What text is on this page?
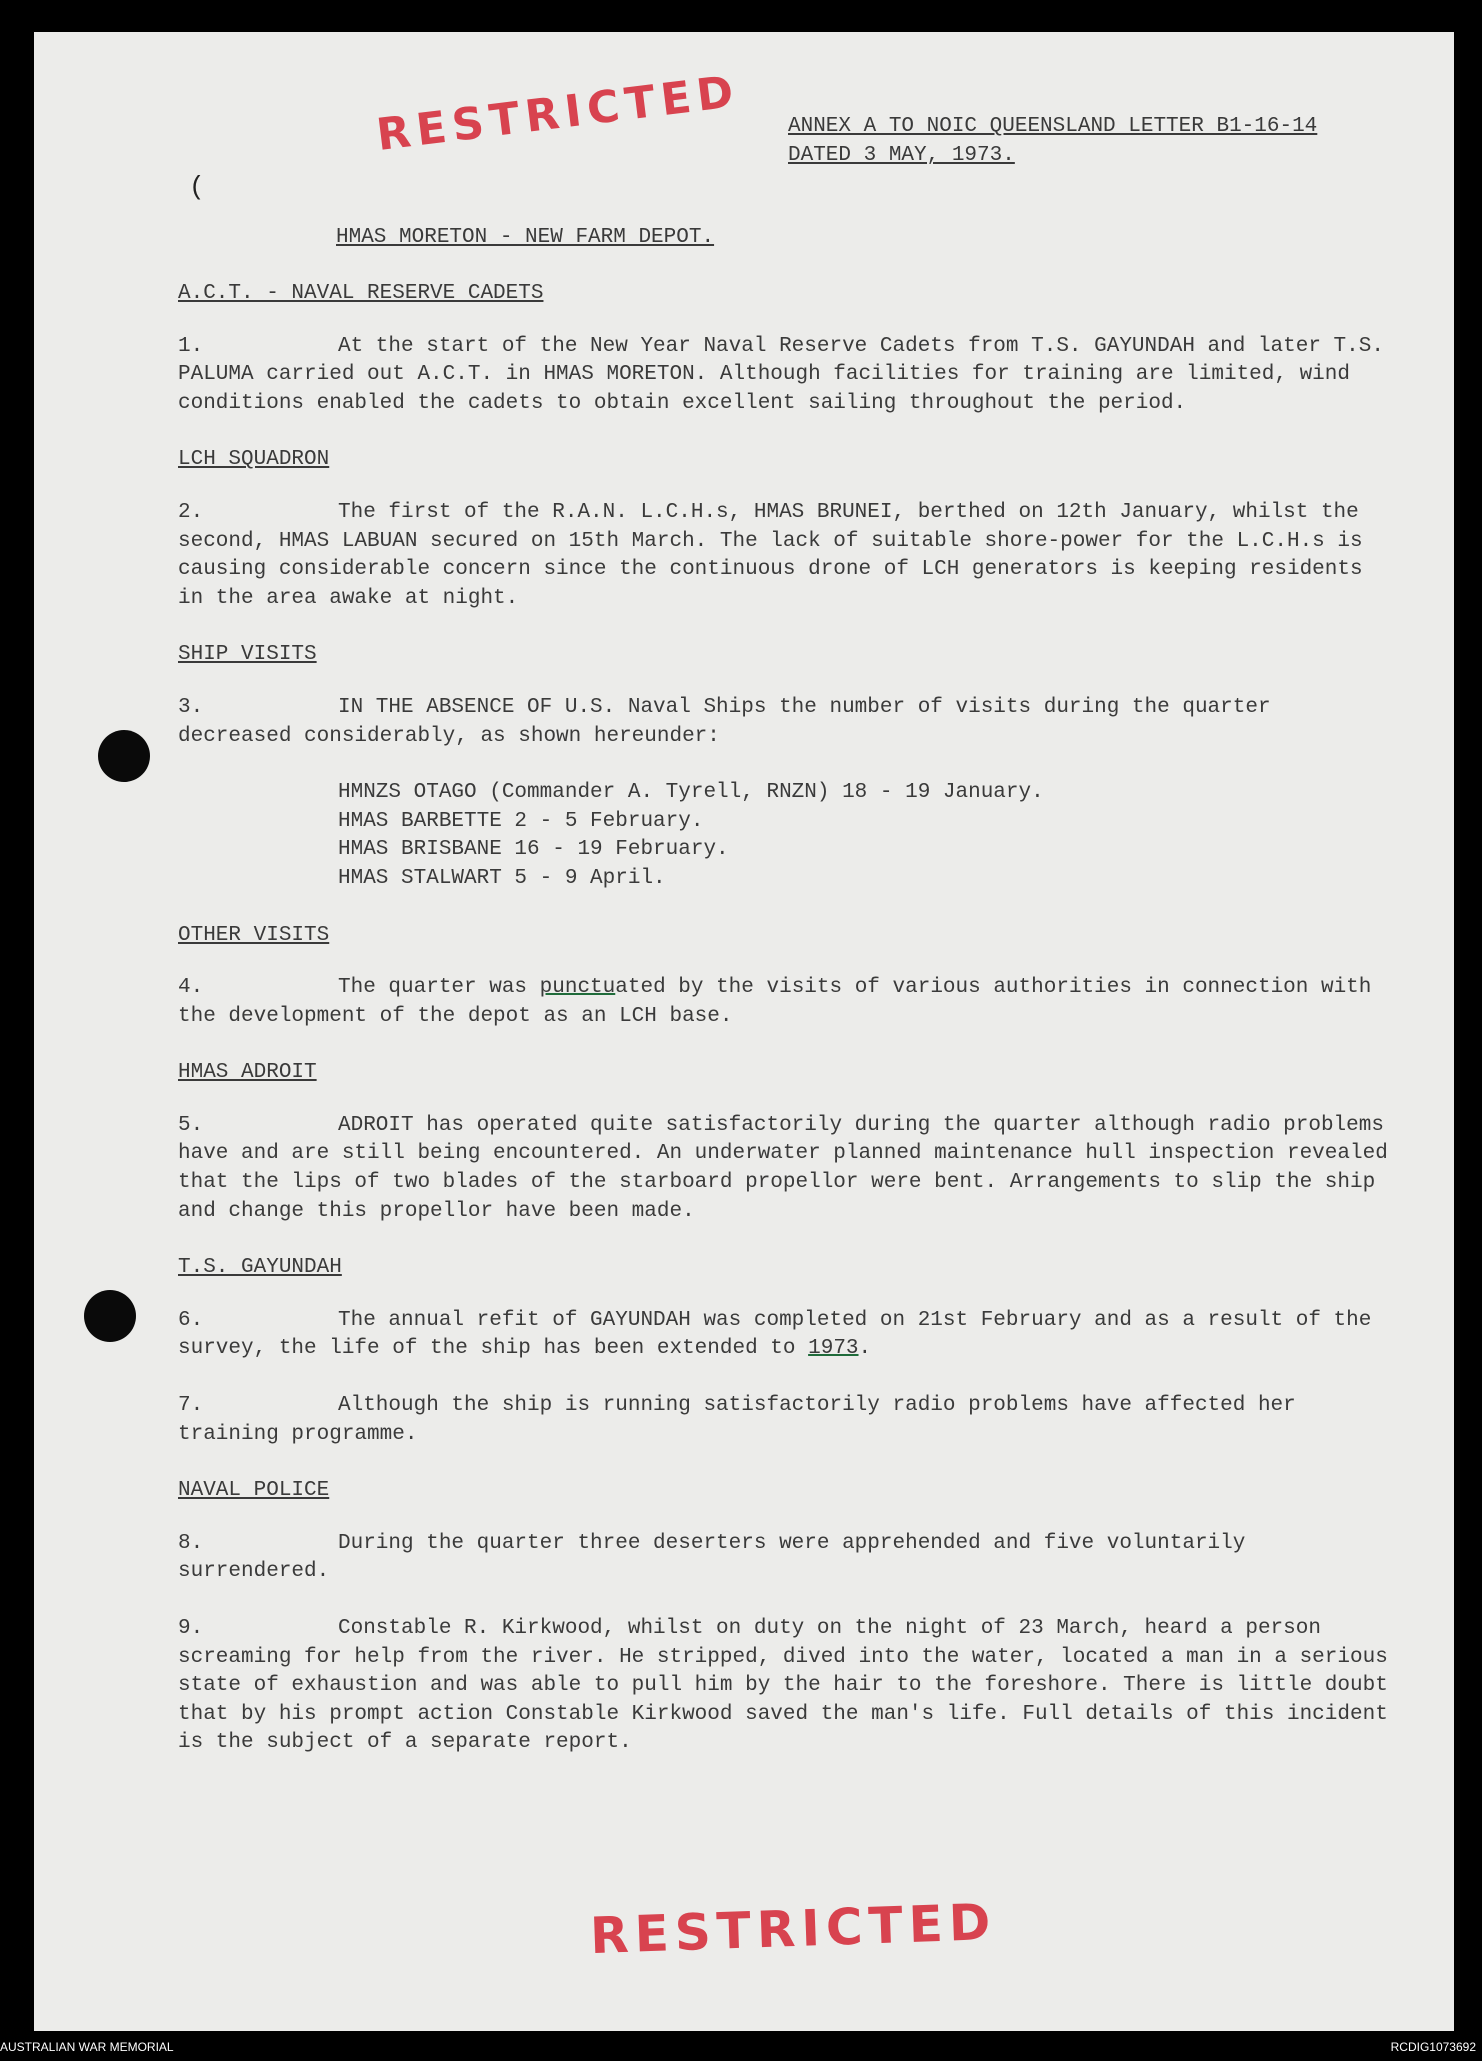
(
RESTRICTED ANNEX A TO NOIC QUEENSLAND LETTER B1-16-14
DATED 3 MAY, 1973.
HMAS MORETON - NEW FARM DEPOT.
A.C.T. - NAVAL RESERVE CADETS
1.	At the start of the New Year Naval Reserve Cadets from T.S. GAYUNDAH and later T.S. PALUMA carried out A.C.T. in HMAS MORETON. Although facilities for training are limited, wind conditions enabled the cadets to obtain excellent sailing throughout the period.
LCH SQUADRON
2.	The first of the R.A.N. L.C.H.s, HMAS BRUNEI, berthed on 12th January, whilst the second, HMAS LABUAN secured on 15th March. The lack of suitable shore-power for the L.C.H.s is causing considerable concern since the continuous drone of LCH generators is keeping residents in the area awake at night.
SHIP VISITS
3.	IN THE ABSENCE OF U.S. Naval Ships the number of visits during the quarter decreased considerably, as shown hereunder:
HMNZS OTAGO (Commander A. Tyrell, RNZN) 18 - 19 January.
HMAS BARBETTE 2 - 5 February.
HMAS BRISBANE 16 - 19 February.
HMAS STALWART 5 - 9 April.
OTHER VISITS
4.	The quarter was punctuated by the visits of various authorities in connection with the development of the depot as an LCH base.
HMAS ADROIT
5.	ADROIT has operated quite satisfactorily during the quarter although radio problems have and are still being encountered. An underwater planned maintenance hull inspection revealed that the lips of two blades of the starboard propellor were bent. Arrangements to slip the ship and change this propellor have been made.
T.S. GAYUNDAH
6.	The annual refit of GAYUNDAH was completed on 21st February and as a result of the survey, the life of the ship has been extended to 1973.
7.	Although the ship is running satisfactorily radio problems have affected her training programme.
NAVAL POLICE
8.	During the quarter three deserters were apprehended and five voluntarily surrendered.
9.	Constable R. Kirkwood, whilst on duty on the night of 23 March, heard a person screaming for help from the river. He stripped, dived into the water, located a man in a serious state of exhaustion and was able to pull him by the hair to the foreshore. There is little doubt that by his prompt action Constable Kirkwood saved the man's life. Full details of this incident is the subject of a separate report.
RESTRICTED
AUSTRALIAN WAR MEMORIAL	RCDIG1073692
